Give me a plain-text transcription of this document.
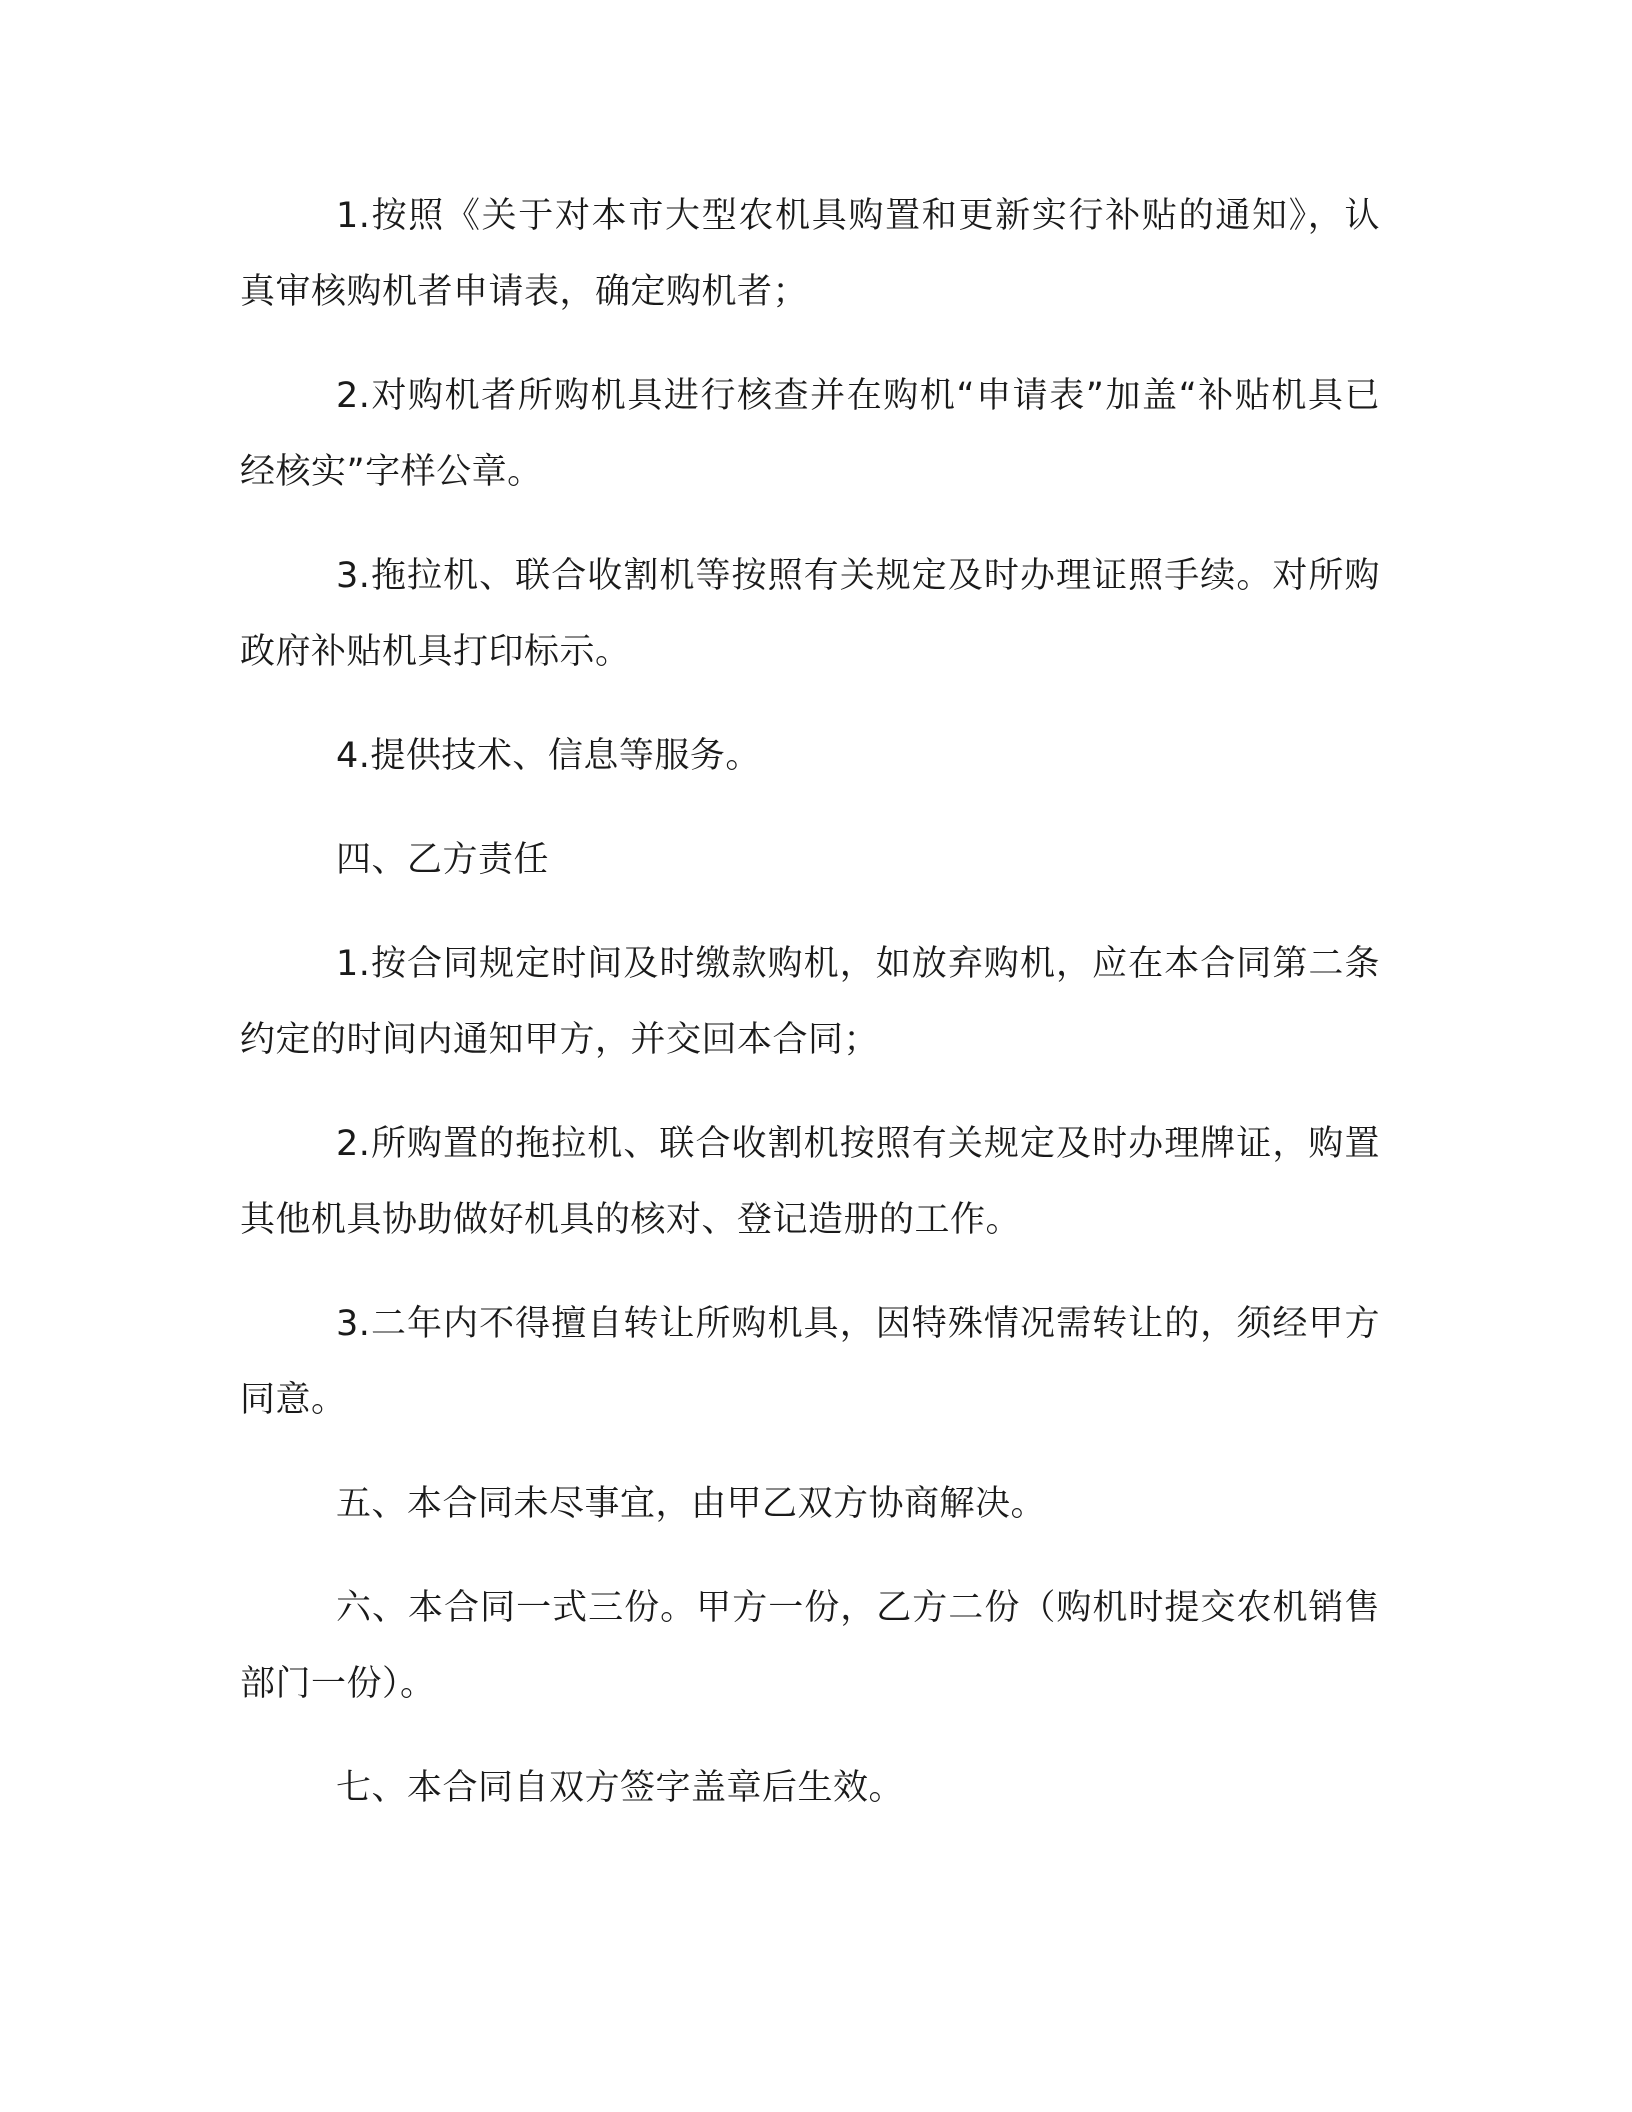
1.按照《关于对本市大型农机具购置和更新实行补贴的通知》，认真审核购机者申请表，确定购机者；

2.对购机者所购机具进行核查并在购机“申请表”加盖“补贴机具已经核实”字样公章。

3.拖拉机、联合收割机等按照有关规定及时办理证照手续。对所购政府补贴机具打印标示。

4.提供技术、信息等服务。

四、乙方责任

1.按合同规定时间及时缴款购机，如放弃购机，应在本合同第二条约定的时间内通知甲方，并交回本合同；

2.所购置的拖拉机、联合收割机按照有关规定及时办理牌证，购置其他机具协助做好机具的核对、登记造册的工作。

3.二年内不得擅自转让所购机具，因特殊情况需转让的，须经甲方同意。

五、本合同未尽事宜，由甲乙双方协商解决。

六、本合同一式三份。甲方一份，乙方二份（购机时提交农机销售部门一份）。

七、本合同自双方签字盖章后生效。
